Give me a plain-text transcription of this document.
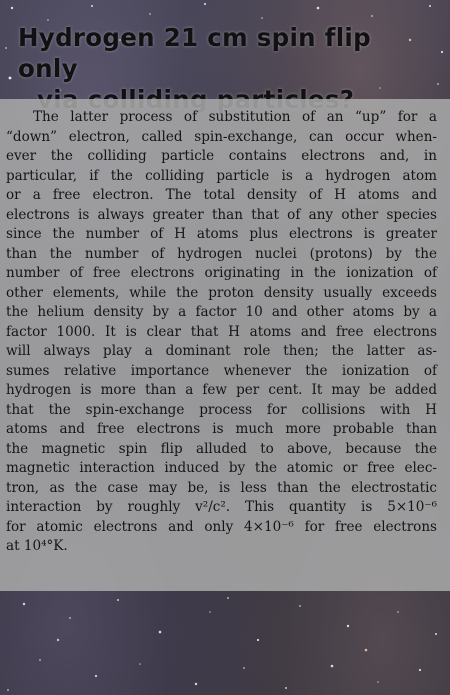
Hydrogen 21 cm spin flip only

The latter process of substitution of an “up” for a
“down” electron, called spin-exchange, can occur when-
ever the colliding particle contains electrons and, in
particular, if the colliding particle is a hydrogen atom
or a free electron. The total density of H atoms and
electrons is always greater than that of any other species
since the number of H atoms plus electrons is greater
than the number of hydrogen nuclei (protons) by the
number of free electrons originating in the ionization of
other elements, while the proton density usually exceeds
the helium density by a factor 10 and other atoms by a
factor 1000. It is clear that H atoms and free electrons
will always play a dominant role then; the latter as-
sumes relative importance whenever the ionization of
hydrogen is more than a few per cent. It may be added
that the spin-exchange process for collisions with H
atoms and free electrons is much more probable than
the magnetic spin flip alluded to above, because the
magnetic interaction induced by the atomic or free elec-
tron, as the case may be, is less than the electrostatic
interaction by roughly v²/c². This quantity is 5×10⁻⁶
for atomic electrons and only 4×10⁻⁶ for free electrons
at 10⁴°K.
